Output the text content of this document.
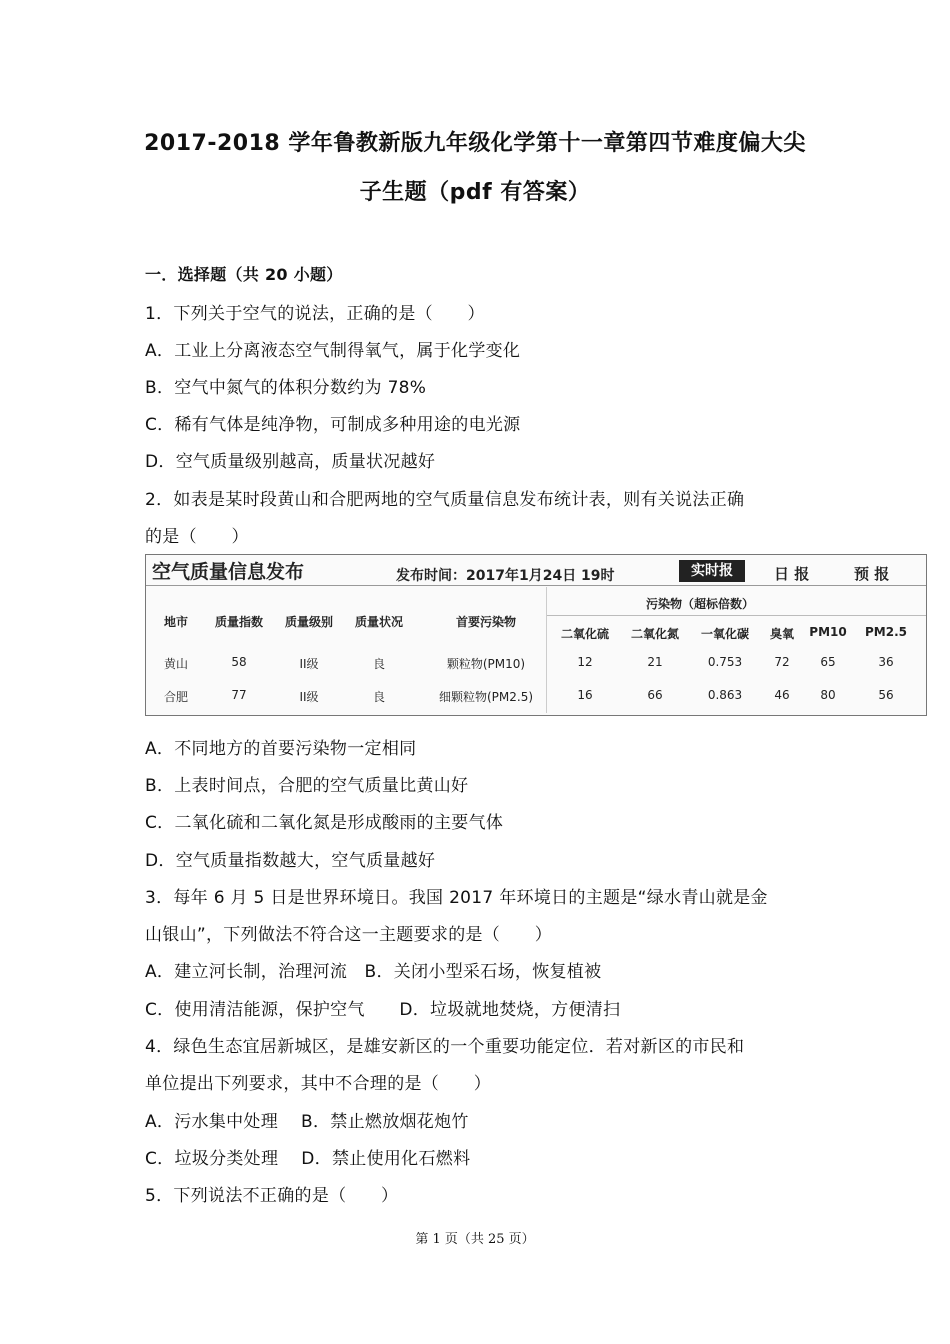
2017-2018 学年鲁教新版九年级化学第十一章第四节难度偏大尖
子生题（pdf 有答案）
一．选择题（共 20 小题）
1．下列关于空气的说法，正确的是（　　）
A．工业上分离液态空气制得氧气，属于化学变化
B．空气中氮气的体积分数约为 78%
C．稀有气体是纯净物，可制成多种用途的电光源
D．空气质量级别越高，质量状况越好
2．如表是某时段黄山和合肥两地的空气质量信息发布统计表，则有关说法正确
的是（　　）
空气质量信息发布	发布时间：2017年1月24日 19时	实时报	日 报	预 报
污染物（超标倍数）
地市	质量指数	质量级别	质量状况	首要污染物
二氧化硫	二氧化氮	一氧化碳	臭氧	PM10	PM2.5
黄山	58	II级	良	颗粒物(PM10)	12	21	0.753	72	65	36
合肥	77	II级	良	细颗粒物(PM2.5)	16	66	0.863	46	80	56
A．不同地方的首要污染物一定相同
B．上表时间点，合肥的空气质量比黄山好
C．二氧化硫和二氧化氮是形成酸雨的主要气体
D．空气质量指数越大，空气质量越好
3．每年 6 月 5 日是世界环境日。我国 2017 年环境日的主题是“绿水青山就是金
山银山”，下列做法不符合这一主题要求的是（　　）
A．建立河长制，治理河流　B．关闭小型采石场，恢复植被
C．使用清洁能源，保护空气　　D．垃圾就地焚烧，方便清扫
4．绿色生态宜居新城区，是雄安新区的一个重要功能定位．若对新区的市民和
单位提出下列要求，其中不合理的是（　　）
A．污水集中处理　 B．禁止燃放烟花炮竹
C．垃圾分类处理　 D．禁止使用化石燃料
5．下列说法不正确的是（　　）
第 1 页（共 25 页）
